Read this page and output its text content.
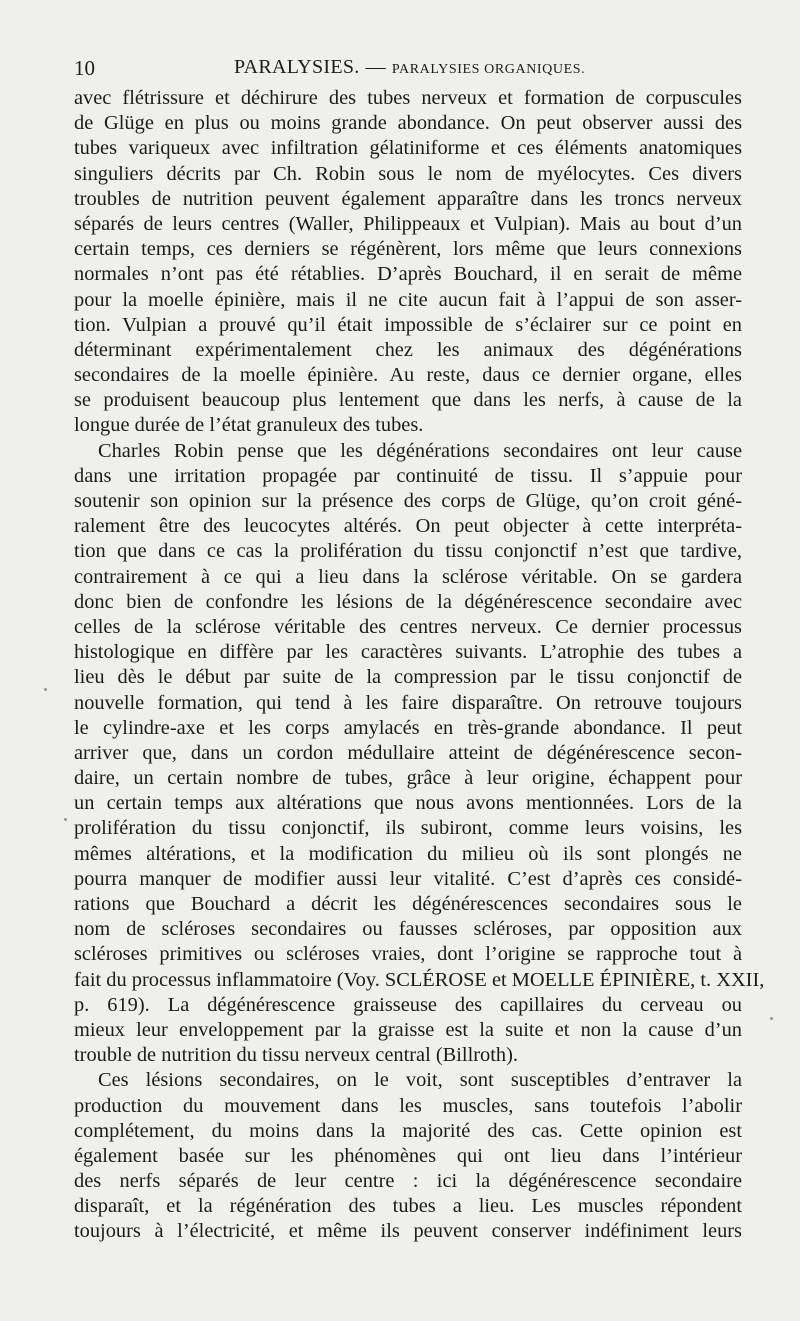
10	PARALYSIES. — PARALYSIES ORGANIQUES.
avec flétrissure et déchirure des tubes nerveux et formation de corpuscules
de Glüge en plus ou moins grande abondance. On peut observer aussi des
tubes variqueux avec infiltration gélatiniforme et ces éléments anatomiques
singuliers décrits par Ch. Robin sous le nom de myélocytes. Ces divers
troubles de nutrition peuvent également apparaître dans les troncs nerveux
séparés de leurs centres (Waller, Philippeaux et Vulpian). Mais au bout d’un
certain temps, ces derniers se régénèrent, lors même que leurs connexions
normales n’ont pas été rétablies. D’après Bouchard, il en serait de même
pour la moelle épinière, mais il ne cite aucun fait à l’appui de son asser-
tion. Vulpian a prouvé qu’il était impossible de s’éclairer sur ce point en
déterminant expérimentalement chez les animaux des dégénérations
secondaires de la moelle épinière. Au reste, daus ce dernier organe, elles
se produisent beaucoup plus lentement que dans les nerfs, à cause de la
longue durée de l’état granuleux des tubes.
Charles Robin pense que les dégénérations secondaires ont leur cause
dans une irritation propagée par continuité de tissu. Il s’appuie pour
soutenir son opinion sur la présence des corps de Glüge, qu’on croit géné-
ralement être des leucocytes altérés. On peut objecter à cette interpréta-
tion que dans ce cas la prolifération du tissu conjonctif n’est que tardive,
contrairement à ce qui a lieu dans la sclérose véritable. On se gardera
donc bien de confondre les lésions de la dégénérescence secondaire avec
celles de la sclérose véritable des centres nerveux. Ce dernier processus
histologique en diffère par les caractères suivants. L’atrophie des tubes a
lieu dès le début par suite de la compression par le tissu conjonctif de
nouvelle formation, qui tend à les faire disparaître. On retrouve toujours
le cylindre-axe et les corps amylacés en très-grande abondance. Il peut
arriver que, dans un cordon médullaire atteint de dégénérescence secon-
daire, un certain nombre de tubes, grâce à leur origine, échappent pour
un certain temps aux altérations que nous avons mentionnées. Lors de la
prolifération du tissu conjonctif, ils subiront, comme leurs voisins, les
mêmes altérations, et la modification du milieu où ils sont plongés ne
pourra manquer de modifier aussi leur vitalité. C’est d’après ces considé-
rations que Bouchard a décrit les dégénérescences secondaires sous le
nom de scléroses secondaires ou fausses scléroses, par opposition aux
scléroses primitives ou scléroses vraies, dont l’origine se rapproche tout à
fait du processus inflammatoire (Voy. SCLÉROSE et MOELLE ÉPINIÈRE, t. XXII,
p. 619). La dégénérescence graisseuse des capillaires du cerveau ou
mieux leur enveloppement par la graisse est la suite et non la cause d’un
trouble de nutrition du tissu nerveux central (Billroth).
Ces lésions secondaires, on le voit, sont susceptibles d’entraver la
production du mouvement dans les muscles, sans toutefois l’abolir
complétement, du moins dans la majorité des cas. Cette opinion est
également basée sur les phénomènes qui ont lieu dans l’intérieur
des nerfs séparés de leur centre : ici la dégénérescence secondaire
disparaît, et la régénération des tubes a lieu. Les muscles répondent
toujours à l’électricité, et même ils peuvent conserver indéfiniment leurs
